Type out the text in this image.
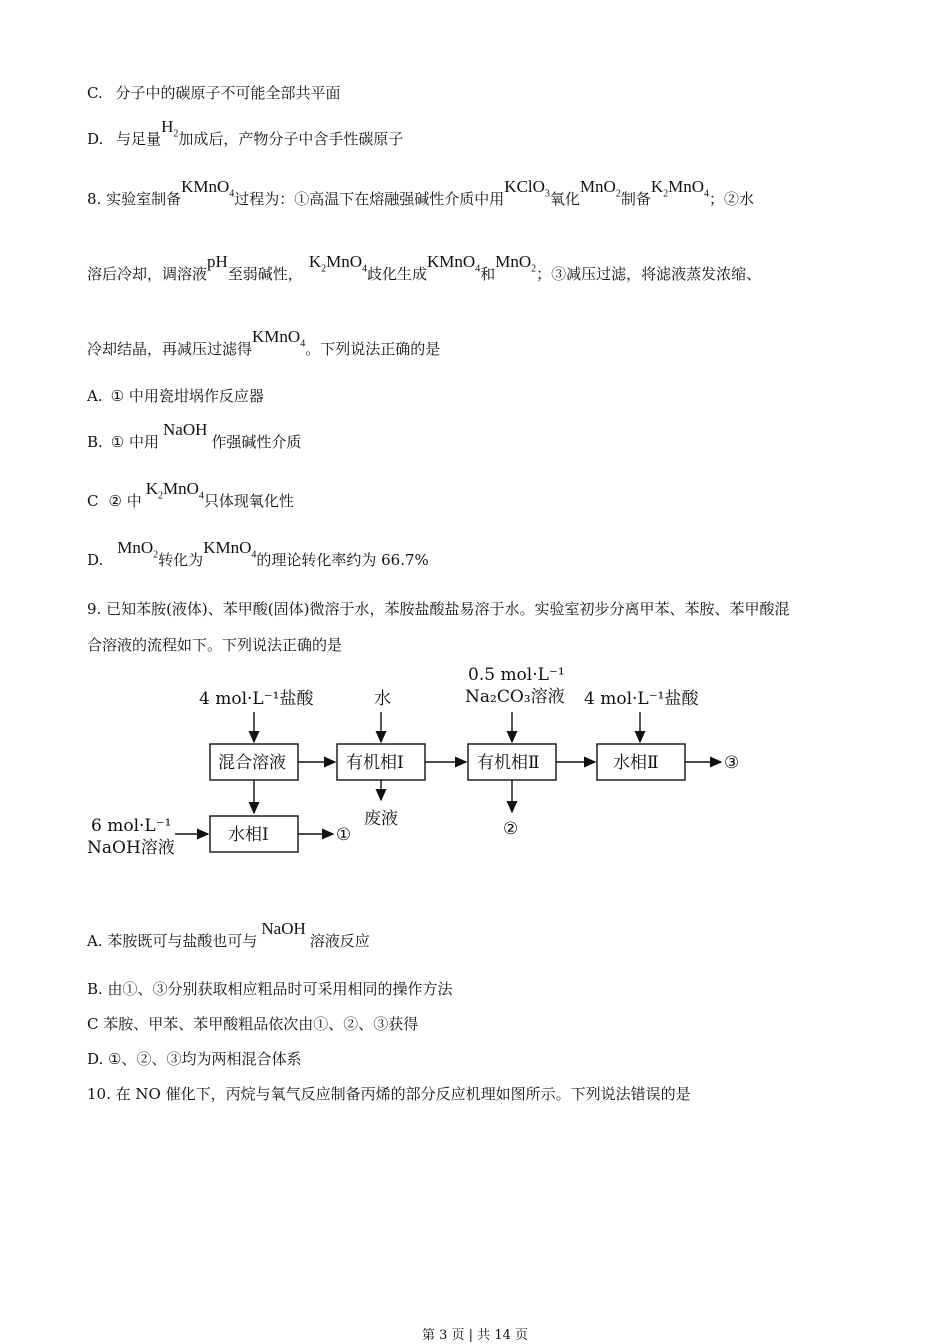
C. 分子中的碳原子不可能全部共平面
D. 与足量$H_2$加成后，产物分子中含手性碳原子
8. 实验室制备KMnO$_4$过程为：①高温下在熔融强碱性介质中用KClO$_3$氧化MnO$_2$制备$K_2MnO_4$；②水
溶后冷却，调溶液pH至弱碱性，$K_2MnO_4$歧化生成KMnO$_4$和MnO$_2$；③减压过滤，将滤液蒸发浓缩、
冷却结晶，再减压过滤得KMnO$_4$。下列说法正确的是
A. ① 中用瓷坩埚作反应器
B. ① 中用NaOH作强碱性介质
C ② 中$K_2MnO_4$只体现氧化性
D.MnO$_2$转化为KMnO$_4$的理论转化率约为 66.7%
9. 已知苯胺(液体)、苯甲酸(固体)微溶于水，苯胺盐酸盐易溶于水。实验室初步分离甲苯、苯胺、苯甲酸混
合溶液的流程如下。下列说法正确的是
4 mol·L⁻¹盐酸	水
0.5 mol·L⁻¹
Na₂CO₃溶液 4 mol·L⁻¹盐酸
混合溶液	有机相Ⅰ	有机相Ⅱ	水相Ⅱ	③
废液	②
6 mol·L⁻¹
NaOH溶液
水相Ⅰ	①
A. 苯胺既可与盐酸也可与NaOH溶液反应
B. 由①、③分别获取相应粗品时可采用相同的操作方法
C 苯胺、甲苯、苯甲酸粗品依次由①、②、③获得
D. ①、②、③均为两相混合体系
10. 在 NO 催化下，丙烷与氧气反应制备丙烯的部分反应机理如图所示。下列说法错误的是
第 3 页 | 共 14 页
